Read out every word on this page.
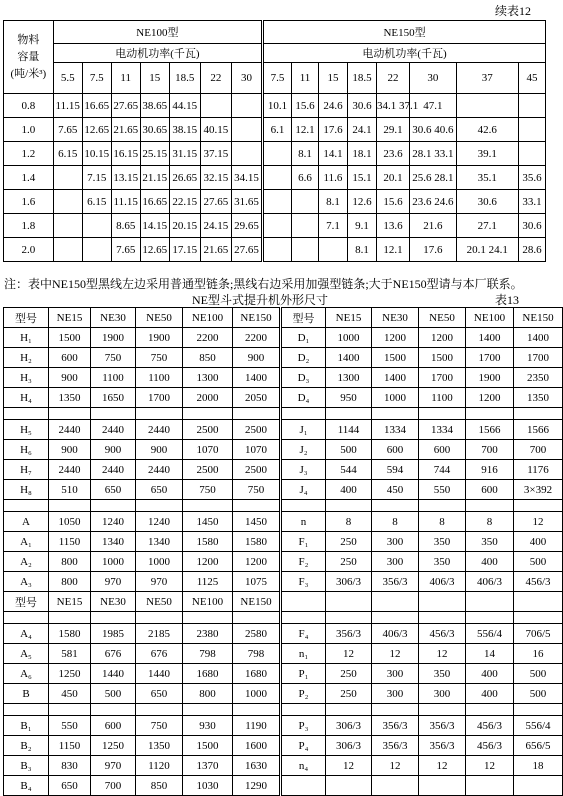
续表12
物料
容量
(吨/米³)	NE100型							NE150型							
	电动机功率(千瓦)							电动机功率(千瓦)							
	5.5	7.5	11	15	18.5	22	30	7.5	11	15	18.5	22	30	37	45
0.8	11.15	16.65	27.65	38.65	44.15			10.1	15.6	24.6	30.6	34.1 37.1	47.1		
1.0	7.65	12.65	21.65	30.65	38.15	40.15		6.1	12.1	17.6	24.1	29.1	30.6 40.6	42.6	
1.2	6.15	10.15	16.15	25.15	31.15	37.15			8.1	14.1	18.1	23.6	28.1 33.1	39.1	
1.4		7.15	13.15	21.15	26.65	32.15	34.15		6.6	11.6	15.1	20.1	25.6 28.1	35.1	35.6
1.6		6.15	11.15	16.65	22.15	27.65	31.65			8.1	12.6	15.6	23.6 24.6	30.6	33.1
1.8			8.65	14.15	20.15	24.15	29.65			7.1	9.1	13.6	21.6	27.1	30.6
2.0			7.65	12.65	17.15	21.65	27.65				8.1	12.1	17.6	20.1 24.1	28.6
注：表中NE150型黑线左边采用普通型链条;黑线右边采用加强型链条;大于NE150型请与本厂联系。
NE型斗式提升机外形尺寸	表13
型号	NE15	NE30	NE50	NE100	NE150	型号	NE15	NE30	NE50	NE100	NE150
H₁	1500	1900	1900	2200	2200	D₁	1000	1200	1200	1400	1400
H₂	600	750	750	850	900	D₂	1400	1500	1500	1700	1700
H₃	900	1100	1100	1300	1400	D₃	1300	1400	1700	1900	2350
H₄	1350	1650	1700	2000	2050	D₄	950	1000	1100	1200	1350

H₅	2440	2440	2440	2500	2500	J₁	1144	1334	1334	1566	1566
H₆	900	900	900	1070	1070	J₂	500	600	600	700	700
H₇	2440	2440	2440	2500	2500	J₃	544	594	744	916	1176
H₈	510	650	650	750	750	J₄	400	450	550	600	3×392

A	1050	1240	1240	1450	1450	n	8	8	8	8	12
A₁	1150	1340	1340	1580	1580	F₁	250	300	350	350	400
A₂	800	1000	1000	1200	1200	F₂	250	300	350	400	500
A₃	800	970	970	1125	1075	F₃	306/3	356/3	406/3	406/3	456/3
型号	NE15	NE30	NE50	NE100	NE150						

A₄	1580	1985	2185	2380	2580	F₄	356/3	406/3	456/3	556/4	706/5
A₅	581	676	676	798	798	n₁	12	12	12	14	16
A₆	1250	1440	1440	1680	1680	P₁	250	300	350	400	500
B	450	500	650	800	1000	P₂	250	300	300	400	500

B₁	550	600	750	930	1190	P₃	306/3	356/3	356/3	456/3	556/4
B₂	1150	1250	1350	1500	1600	P₄	306/3	356/3	356/3	456/3	656/5
B₃	830	970	1120	1370	1630	n₄	12	12	12	12	18
B₄	650	700	850	1030	1290						
